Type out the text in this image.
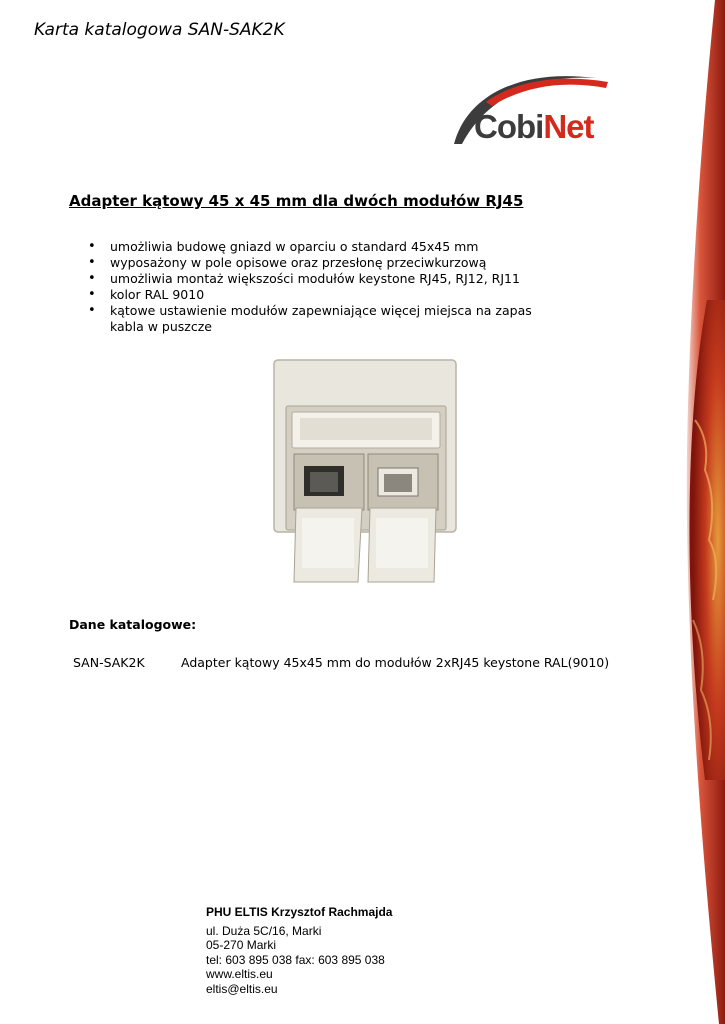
Karta katalogowa SAN-SAK2K
CobiNet
Adapter kątowy 45 x 45 mm dla dwóch modułów RJ45
• umożliwia budowę gniazd w oparciu o standard 45x45 mm
• wyposażony w pole opisowe oraz przesłonę przeciwkurzową
• umożliwia montaż większości modułów keystone RJ45, RJ12, RJ11
• kolor RAL 9010
• kątowe ustawienie modułów zapewniające więcej miejsca na zapas kabla w puszcze
Dane katalogowe:
SAN-SAK2K	Adapter kątowy 45x45 mm do modułów 2xRJ45 keystone RAL(9010)
PHU ELTIS Krzysztof Rachmajda
ul. Duża 5C/16, Marki
05-270 Marki
tel: 603 895 038 fax: 603 895 038
www.eltis.eu
eltis@eltis.eu
